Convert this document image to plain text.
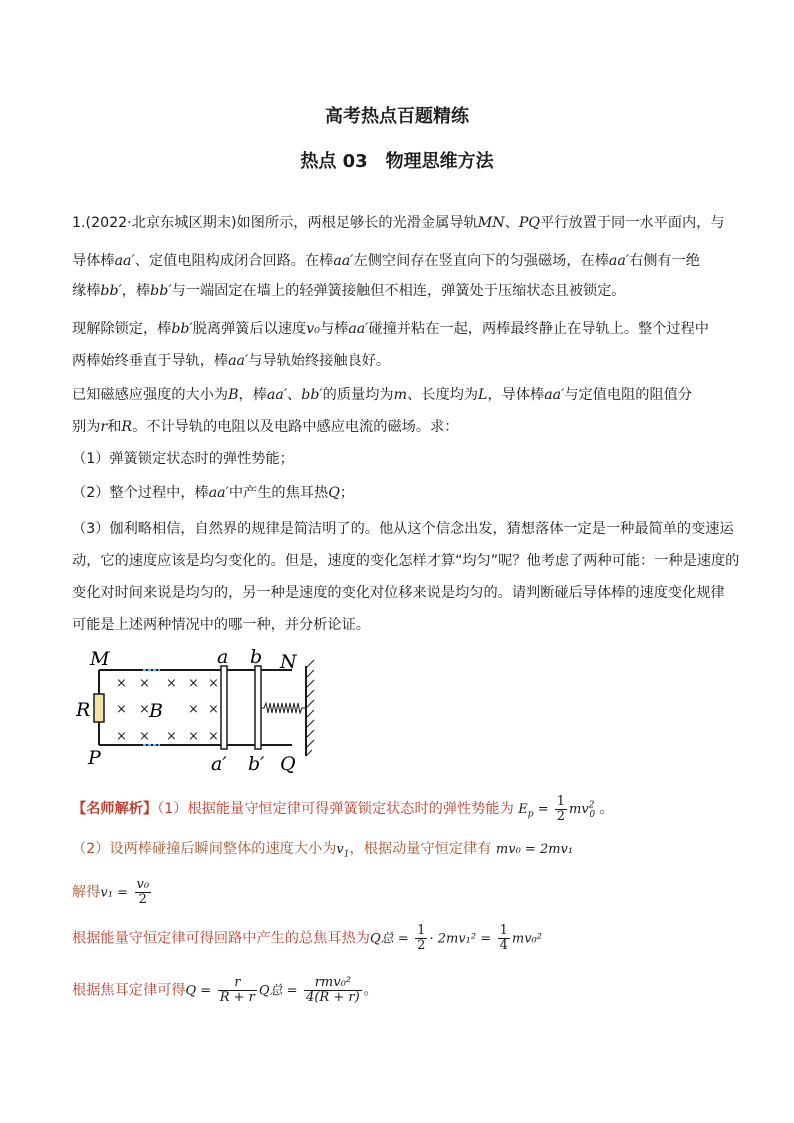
高考热点百题精练
热点 03　物理思维方法
1.(2022·北京东城区期末)如图所示，两根足够长的光滑金属导轨MN、PQ平行放置于同一水平面内，与
导体棒aa′、定值电阻构成闭合回路。在棒aa′左侧空间存在竖直向下的匀强磁场，在棒aa′右侧有一绝
缘棒bb′，棒bb′与一端固定在墙上的轻弹簧接触但不相连，弹簧处于压缩状态且被锁定。
现解除锁定，棒bb′脱离弹簧后以速度v₀与棒aa′碰撞并粘在一起，两棒最终静止在导轨上。整个过程中
两棒始终垂直于导轨，棒aa′与导轨始终接触良好。
已知磁感应强度的大小为B，棒aa′、bb′的质量均为m、长度均为L，导体棒aa′与定值电阻的阻值分
别为r和R。不计导轨的电阻以及电路中感应电流的磁场。求：
（1）弹簧锁定状态时的弹性势能；
（2）整个过程中，棒aa′中产生的焦耳热Q；
（3）伽利略相信，自然界的规律是简洁明了的。他从这个信念出发，猜想落体一定是一种最简单的变速运
动，它的速度应该是均匀变化的。但是，速度的变化怎样才算“均匀”呢？他考虑了两种可能：一种是速度的
变化对时间来说是均匀的，另一种是速度的变化对位移来说是均匀的。请判断碰后导体棒的速度变化规律
可能是上述两种情况中的哪一种，并分析论证。
× × × × ×
× ×	× ×
× × × × ×
M
P
R	B
a b N
a′ b′ Q
【名师解析】（1）根据能量守恒定律可得弹簧锁定状态时的弹性势能为 $E_p = \frac{1}{2} mv^2_0$ 。
（2）设两棒碰撞后瞬间整体的速度大小为$v_1$，根据动量守恒定律有 mv₀ = 2mv₁
解得$v_1 = \frac{\text{v₀}}{2}$
根据能量守恒定律可得回路中产生的总焦耳热为Q总 = $\frac{1}{2} \cdot 2mv_1^2 = \frac{1}{4} mv_0^2$
根据焦耳定律可得$Q = \frac{r}{R + r}$ Q总 = $\frac{\text{rmv₀²}}{4(R + r)}$ 。
